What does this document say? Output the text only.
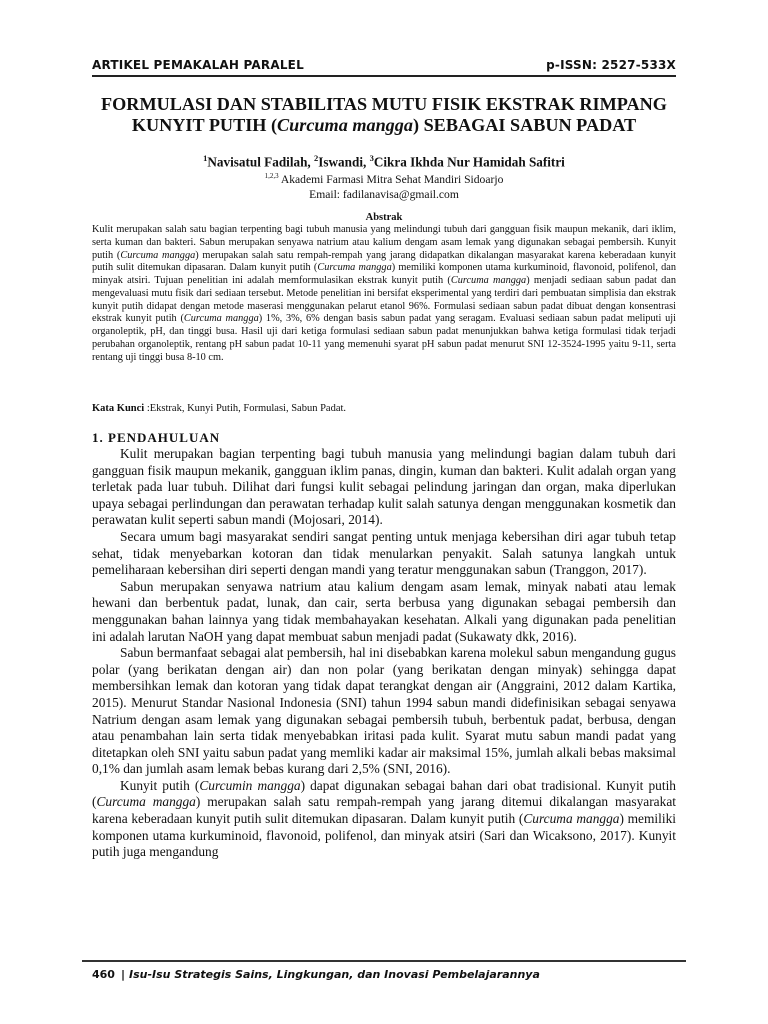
ARTIKEL PEMAKALAH PARALEL	p-ISSN: 2527-533X
FORMULASI DAN STABILITAS MUTU FISIK EKSTRAK RIMPANG
KUNYIT PUTIH (Curcuma mangga) SEBAGAI SABUN PADAT
$^1$Navisatul Fadilah, $^2$Iswandi, $^3$Cikra Ikhda Nur Hamidah Safitri
$^{1,2,3}$ Akademi Farmasi Mitra Sehat Mandiri Sidoarjo
Email: fadilanavisa@gmail.com
Abstrak
Kulit merupakan salah satu bagian terpenting bagi tubuh manusia yang melindungi tubuh dari gangguan fisik maupun mekanik, dari iklim, serta kuman dan bakteri. Sabun merupakan senyawa natrium atau kalium dengam asam lemak yang digunakan sebagai pembersih. Kunyit putih (Curcuma mangga) merupakan salah satu rempah-rempah yang jarang didapatkan dikalangan masyarakat karena keberadaan kunyit putih sulit ditemukan dipasaran. Dalam kunyit putih (Curcuma mangga) memiliki komponen utama kurkuminoid, flavonoid, polifenol, dan minyak atsiri. Tujuan penelitian ini adalah memformulasikan ekstrak kunyit putih (Curcuma mangga) menjadi sediaan sabun padat dan mengevaluasi mutu fisik dari sediaan tersebut. Metode penelitian ini bersifat eksperimental yang terdiri dari pembuatan simplisia dan ekstrak kunyit putih didapat dengan metode maserasi menggunakan pelarut etanol 96%. Formulasi sediaan sabun padat dibuat dengan konsentrasi ekstrak kunyit putih (Curcuma mangga) 1%, 3%, 6% dengan basis sabun padat yang seragam. Evaluasi sediaan sabun padat meliputi uji organoleptik, pH, dan tinggi busa. Hasil uji dari ketiga formulasi sediaan sabun padat menunjukkan bahwa ketiga formulasi tidak terjadi perubahan organoleptik, rentang pH sabun padat 10-11 yang memenuhi syarat pH sabun padat menurut SNI 12-3524-1995 yaitu 9-11, serta rentang uji tinggi busa 8-10 cm.
Kata Kunci :Ekstrak, Kunyi Putih, Formulasi, Sabun Padat.
1. PENDAHULUAN

Kulit merupakan bagian terpenting bagi tubuh manusia yang melindungi bagian dalam tubuh dari gangguan fisik maupun mekanik, gangguan iklim panas, dingin, kuman dan bakteri. Kulit adalah organ yang terletak pada luar tubuh. Dilihat dari fungsi kulit sebagai pelindung jaringan dan organ, maka diperlukan upaya sebagai perlindungan dan perawatan terhadap kulit salah satunya dengan menggunakan kosmetik dan perawatan kulit seperti sabun mandi (Mojosari, 2014).

Secara umum bagi masyarakat sendiri sangat penting untuk menjaga kebersihan diri agar tubuh tetap sehat, tidak menyebarkan kotoran dan tidak menularkan penyakit. Salah satunya langkah untuk pemeliharaan kebersihan diri seperti dengan mandi yang teratur menggunakan sabun (Tranggon, 2017).

Sabun merupakan senyawa natrium atau kalium dengam asam lemak, minyak nabati atau lemak hewani dan berbentuk padat, lunak, dan cair, serta berbusa yang digunakan sebagai pembersih dan menggunakan bahan lainnya yang tidak membahayakan kesehatan. Alkali yang digunakan pada penelitian ini adalah larutan NaOH yang dapat membuat sabun menjadi padat (Sukawaty dkk, 2016).

Sabun bermanfaat sebagai alat pembersih, hal ini disebabkan karena molekul sabun mengandung gugus polar (yang berikatan dengan air) dan non polar (yang berikatan dengan minyak) sehingga dapat membersihkan lemak dan kotoran yang tidak dapat terangkat dengan air (Anggraini, 2012 dalam Kartika, 2015). Menurut Standar Nasional Indonesia (SNI) tahun 1994 sabun mandi didefinisikan sebagai senyawa Natrium dengan asam lemak yang digunakan sebagai pembersih tubuh, berbentuk padat, berbusa, dengan atau penambahan lain serta tidak menyebabkan iritasi pada kulit. Syarat mutu sabun mandi padat yang ditetapkan oleh SNI yaitu sabun padat yang memliki kadar air maksimal 15%, jumlah alkali bebas maksimal 0,1% dan jumlah asam lemak bebas kurang dari 2,5% (SNI, 2016).

Kunyit putih (Curcumin mangga) dapat digunakan sebagai bahan dari obat tradisional. Kunyit putih (Curcuma mangga) merupakan salah satu rempah-rempah yang jarang ditemui dikalangan masyarakat karena keberadaan kunyit putih sulit ditemukan dipasaran. Dalam kunyit putih (Curcuma mangga) memiliki komponen utama kurkuminoid, flavonoid, polifenol, dan minyak atsiri (Sari dan Wicaksono, 2017). Kunyit putih juga mengandung

460 | Isu-Isu Strategis Sains, Lingkungan, dan Inovasi Pembelajarannya
